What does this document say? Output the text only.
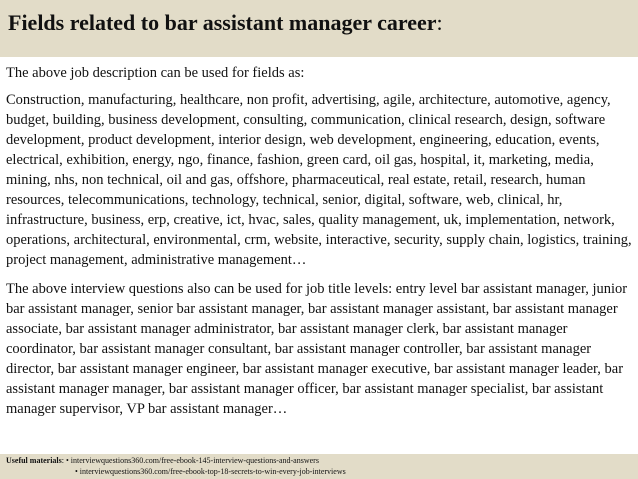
Fields related to bar assistant manager career:

The above job description can be used for fields as:

Construction, manufacturing, healthcare, non profit, advertising, agile, architecture, automotive, agency, budget, building, business development, consulting, communication, clinical research, design, software development, product development, interior design, web development, engineering, education, events, electrical, exhibition, energy, ngo, finance, fashion, green card, oil gas, hospital, it, marketing, media, mining, nhs, non technical, oil and gas, offshore, pharmaceutical, real estate, retail, research, human resources, telecommunications, technology, technical, senior, digital, software, web, clinical, hr, infrastructure, business, erp, creative, ict, hvac, sales, quality management, uk, implementation, network, operations, architectural, environmental, crm, website, interactive, security, supply chain, logistics, training, project management, administrative management…

The above interview questions also can be used for job title levels: entry level bar assistant manager, junior bar assistant manager, senior bar assistant manager, bar assistant manager assistant, bar assistant manager associate, bar assistant manager administrator, bar assistant manager clerk, bar assistant manager coordinator, bar assistant manager consultant, bar assistant manager controller, bar assistant manager director, bar assistant manager engineer, bar assistant manager executive, bar assistant manager leader, bar assistant manager manager, bar assistant manager officer, bar assistant manager specialist, bar assistant manager supervisor, VP bar assistant manager…

Useful materials: • interviewquestions360.com/free-ebook-145-interview-questions-and-answers
• interviewquestions360.com/free-ebook-top-18-secrets-to-win-every-job-interviews
